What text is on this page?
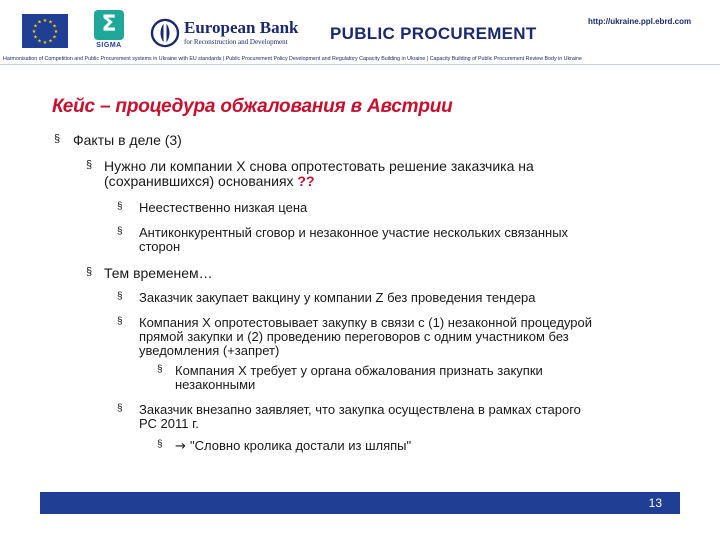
★ ★
★
★
★
★
★
★
★
★
★
★	Σ
SIGMA
European Bank
for Reconstruction and Development	PUBLIC PROCUREMENT
http://ukraine.ppl.ebrd.com
Harmonisation of Competition and Public Procurement systems in Ukraine with EU standards | Public Procurement Policy Development and Regulatory Capacity Building in Ukraine | Capacity Building of Public Procurement Review Body in Ukraine
Кейс – процедура обжалования в Австрии
§ Факты в деле (3)
§ Нужно ли компании X снова опротестовать решение заказчика на
(сохранившихся) основаниях ??
§ Неестественно низкая цена
§ Антиконкурентный сговор и незаконное участие нескольких связанных
сторон
§ Тем временем…
§ Заказчик закупает вакцину у компании Z без проведения тендера
§ Компания X опротестовывает закупку в связи с (1) незаконной процедурой
прямой закупки и (2) проведению переговоров с одним участником без
уведомления (+запрет)
§ Компания X требует у органа обжалования признать закупки
незаконными
§ Заказчик внезапно заявляет, что закупка осуществлена в рамках старого
РС 2011 г.
§ → "Словно кролика достали из шляпы"
13
